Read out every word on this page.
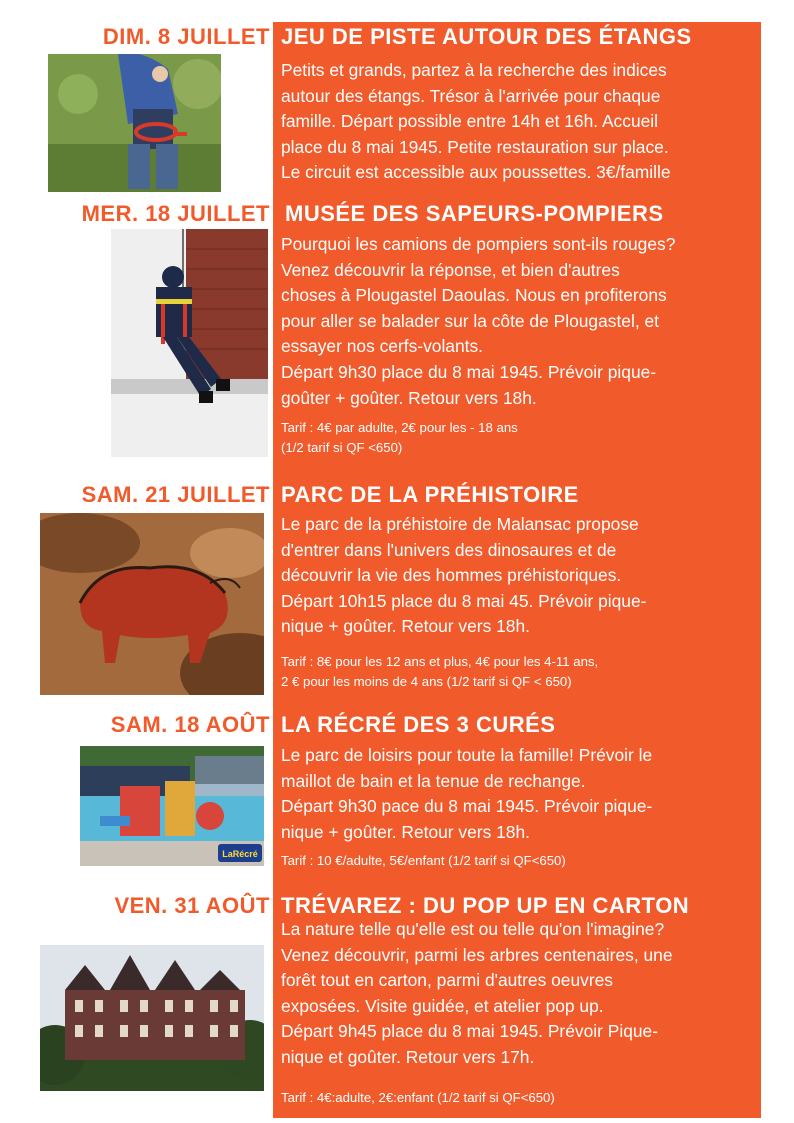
DIM. 8 JUILLET JEU DE PISTE AUTOUR DES ÉTANGS

Petits et grands, partez à la recherche des indices

autour des étangs. Trésor à l'arrivée pour chaque

famille. Départ possible entre 14h et 16h. Accueil

place du 8 mai 1945. Petite restauration sur place.

Le circuit est accessible aux poussettes. 3€/famille

MER. 18 JUILLET MUSÉE DES SAPEURS-POMPIERS

Pourquoi les camions de pompiers sont-ils rouges?

Venez découvrir la réponse, et bien d'autres

choses à Plougastel Daoulas. Nous en profiterons

pour aller se balader sur la côte de Plougastel, et

essayer nos cerfs-volants.

Départ 9h30 place du 8 mai 1945. Prévoir pique-

goûter + goûter. Retour vers 18h.

Tarif : 4€ par adulte, 2€ pour les - 18 ans

(1/2 tarif si QF <650)

SAM. 21 JUILLET PARC DE LA PRÉHISTOIRE

Le parc de la préhistoire de Malansac propose

d'entrer dans l'univers des dinosaures et de

découvrir la vie des hommes préhistoriques.

Départ 10h15 place du 8 mai 45. Prévoir pique-

nique + goûter. Retour vers 18h.

Tarif : 8€ pour les 12 ans et plus, 4€ pour les 4-11 ans,

2 € pour les moins de 4 ans (1/2 tarif si QF < 650)

SAM. 18 AOÛT LA RÉCRÉ DES 3 CURÉS
LaRécré

Le parc de loisirs pour toute la famille! Prévoir le

maillot de bain et la tenue de rechange.

Départ 9h30 pace du 8 mai 1945. Prévoir pique-

nique + goûter. Retour vers 18h.

Tarif : 10 €/adulte, 5€/enfant (1/2 tarif si QF<650)

VEN. 31 AOÛT TRÉVAREZ : DU POP UP EN CARTON

La nature telle qu'elle est ou telle qu'on l'imagine?

Venez découvrir, parmi les arbres centenaires, une

forêt tout en carton, parmi d'autres oeuvres

exposées. Visite guidée, et atelier pop up.

Départ 9h45 place du 8 mai 1945. Prévoir Pique-

nique et goûter. Retour vers 17h.

Tarif : 4€:adulte, 2€:enfant (1/2 tarif si QF<650)
